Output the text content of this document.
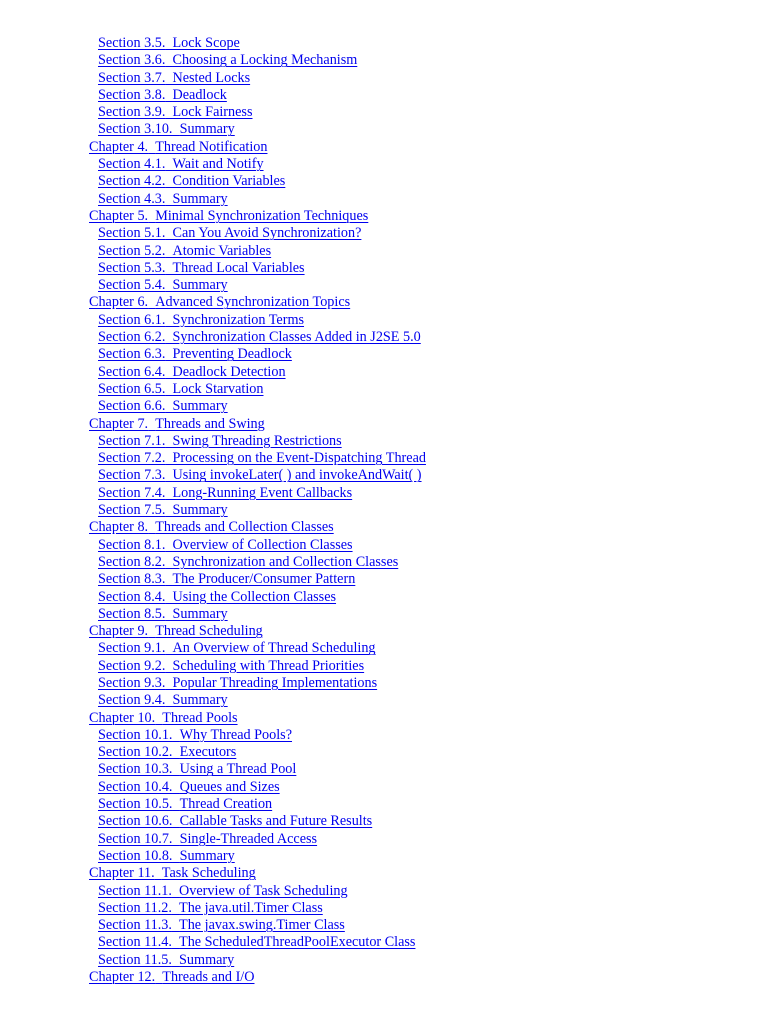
Section 3.5. Lock Scope
Section 3.6. Choosing a Locking Mechanism
Section 3.7. Nested Locks
Section 3.8. Deadlock
Section 3.9. Lock Fairness
Section 3.10. Summary
Chapter 4. Thread Notification
Section 4.1. Wait and Notify
Section 4.2. Condition Variables
Section 4.3. Summary
Chapter 5. Minimal Synchronization Techniques
Section 5.1. Can You Avoid Synchronization?
Section 5.2. Atomic Variables
Section 5.3. Thread Local Variables
Section 5.4. Summary
Chapter 6. Advanced Synchronization Topics
Section 6.1. Synchronization Terms
Section 6.2. Synchronization Classes Added in J2SE 5.0
Section 6.3. Preventing Deadlock
Section 6.4. Deadlock Detection
Section 6.5. Lock Starvation
Section 6.6. Summary
Chapter 7. Threads and Swing
Section 7.1. Swing Threading Restrictions
Section 7.2. Processing on the Event-Dispatching Thread
Section 7.3. Using invokeLater( ) and invokeAndWait( )
Section 7.4. Long-Running Event Callbacks
Section 7.5. Summary
Chapter 8. Threads and Collection Classes
Section 8.1. Overview of Collection Classes
Section 8.2. Synchronization and Collection Classes
Section 8.3. The Producer/Consumer Pattern
Section 8.4. Using the Collection Classes
Section 8.5. Summary
Chapter 9. Thread Scheduling
Section 9.1. An Overview of Thread Scheduling
Section 9.2. Scheduling with Thread Priorities
Section 9.3. Popular Threading Implementations
Section 9.4. Summary
Chapter 10. Thread Pools
Section 10.1. Why Thread Pools?
Section 10.2. Executors
Section 10.3. Using a Thread Pool
Section 10.4. Queues and Sizes
Section 10.5. Thread Creation
Section 10.6. Callable Tasks and Future Results
Section 10.7. Single-Threaded Access
Section 10.8. Summary
Chapter 11. Task Scheduling
Section 11.1. Overview of Task Scheduling
Section 11.2. The java.util.Timer Class
Section 11.3. The javax.swing.Timer Class
Section 11.4. The ScheduledThreadPoolExecutor Class
Section 11.5. Summary
Chapter 12. Threads and I/O
